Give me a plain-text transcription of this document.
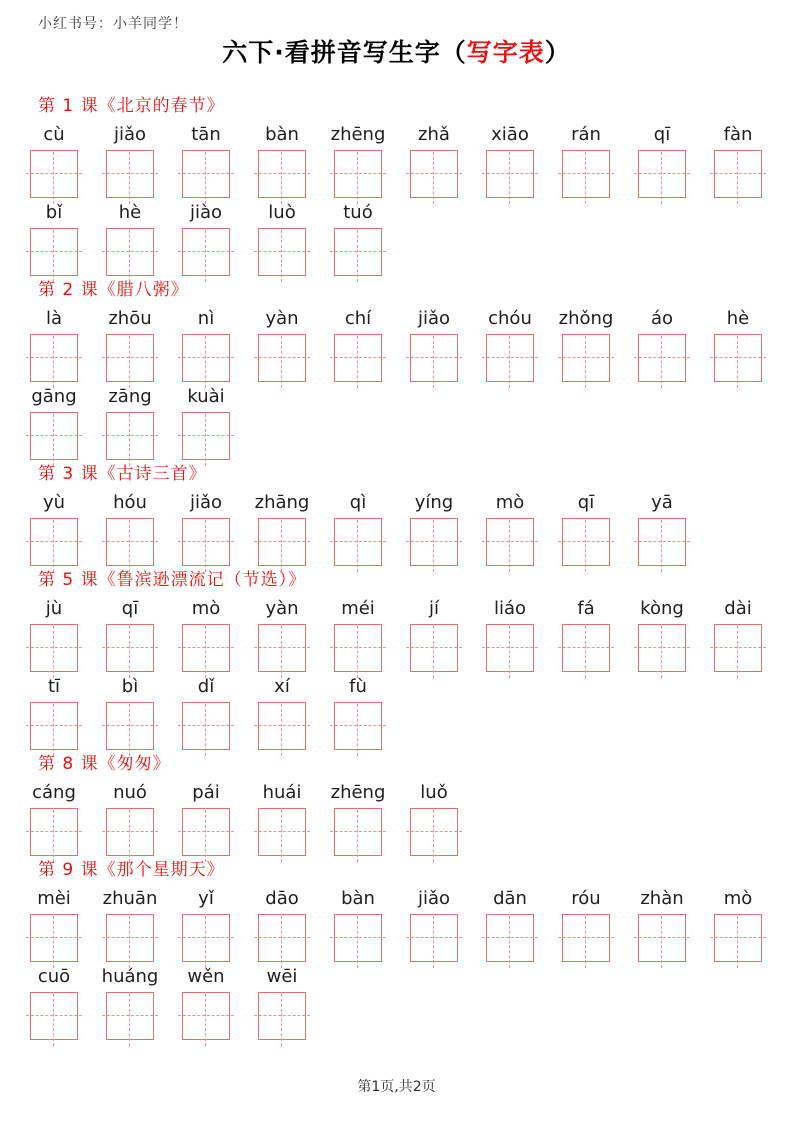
小红书号：小羊同学！
六下·看拼音写生字（写字表）
第 1 课《北京的春节》
cù	jiǎo	tān	bàn	zhēng	zhǎ	xiāo	rán	qī	fàn
bǐ	hè	jiào	luò	tuó
第 2 课《腊八粥》
là	zhōu	nì	yàn	chí	jiǎo	chóu zhǒng	áo	hè
gāng zāng kuài
第 3 课《古诗三首》
yù	hóu	jiǎo	zhāng	qì	yíng	mò	qī	yā
第 5 课《鲁滨逊漂流记（节选）》
jù	qī	mò	yàn	méi	jí	liáo	fá	kòng	dài
tī	bì	dǐ	xí	fù
第 8 课《匆匆》
cáng	nuó	pái	huái zhēng	luǒ
第 9 课《那个星期天》
mèi	zhuān	yǐ	dāo	bàn	jiǎo	dān	róu	zhàn	mò
cuō	huáng wěn	wēi
第1页,共2页
